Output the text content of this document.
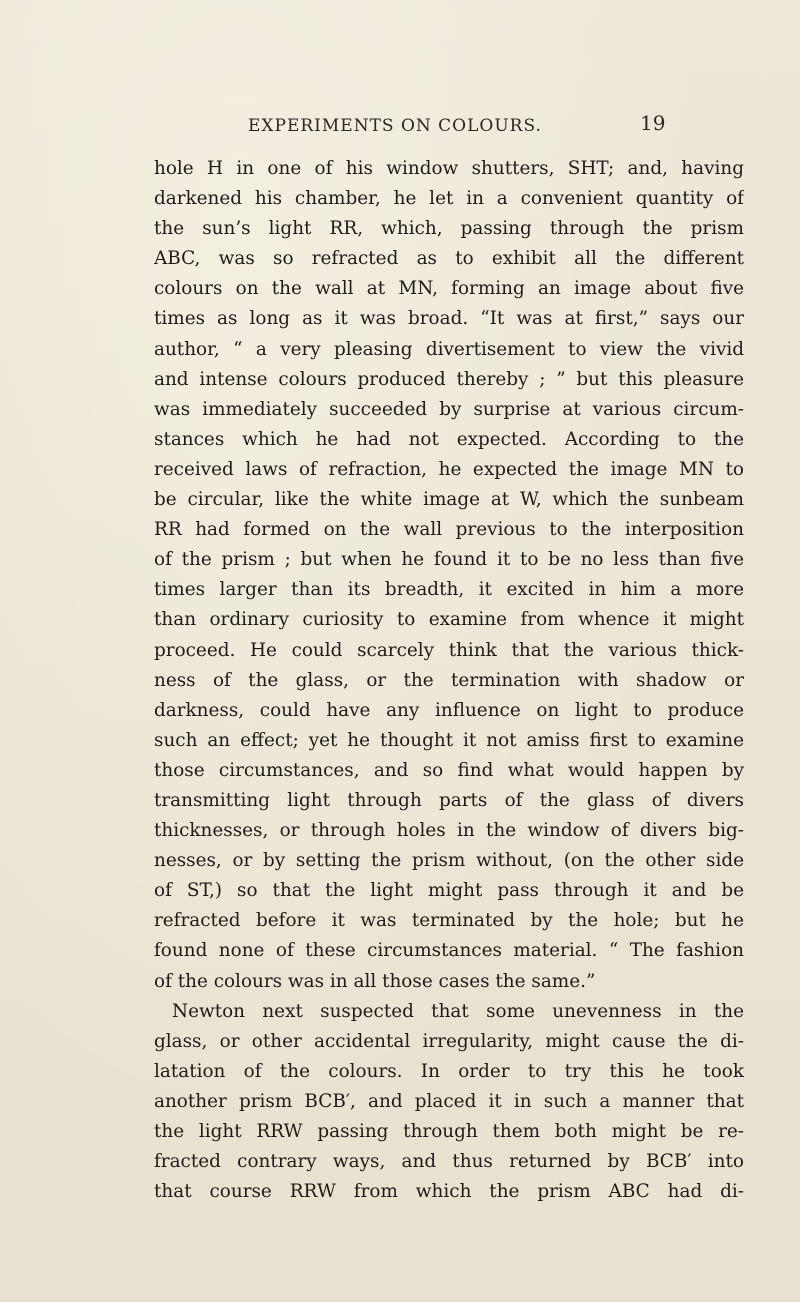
EXPERIMENTS ON COLOURS.	19
hole H in one of his window shutters, SHT; and, having
darkened his chamber, he let in a convenient quantity of
the sun’s light RR, which, passing through the prism
ABC, was so refracted as to exhibit all the different
colours on the wall at MN, forming an image about five
times as long as it was broad. “It was at first,” says our
author, “ a very pleasing divertisement to view the vivid
and intense colours produced thereby ; ” but this pleasure
was immediately succeeded by surprise at various circum-
stances which he had not expected. According to the
received laws of refraction, he expected the image MN to
be circular, like the white image at W, which the sunbeam
RR had formed on the wall previous to the interposition
of the prism ; but when he found it to be no less than five
times larger than its breadth, it excited in him a more
than ordinary curiosity to examine from whence it might
proceed. He could scarcely think that the various thick-
ness of the glass, or the termination with shadow or
darkness, could have any influence on light to produce
such an effect; yet he thought it not amiss first to examine
those circumstances, and so find what would happen by
transmitting light through parts of the glass of divers
thicknesses, or through holes in the window of divers big-
nesses, or by setting the prism without, (on the other side
of ST,) so that the light might pass through it and be
refracted before it was terminated by the hole; but he
found none of these circumstances material. “ The fashion
of the colours was in all those cases the same.”
Newton next suspected that some unevenness in the
glass, or other accidental irregularity, might cause the di-
latation of the colours. In order to try this he took
another prism BCB′, and placed it in such a manner that
the light RRW passing through them both might be re-
fracted contrary ways, and thus returned by BCB′ into
that course RRW from which the prism ABC had di-
